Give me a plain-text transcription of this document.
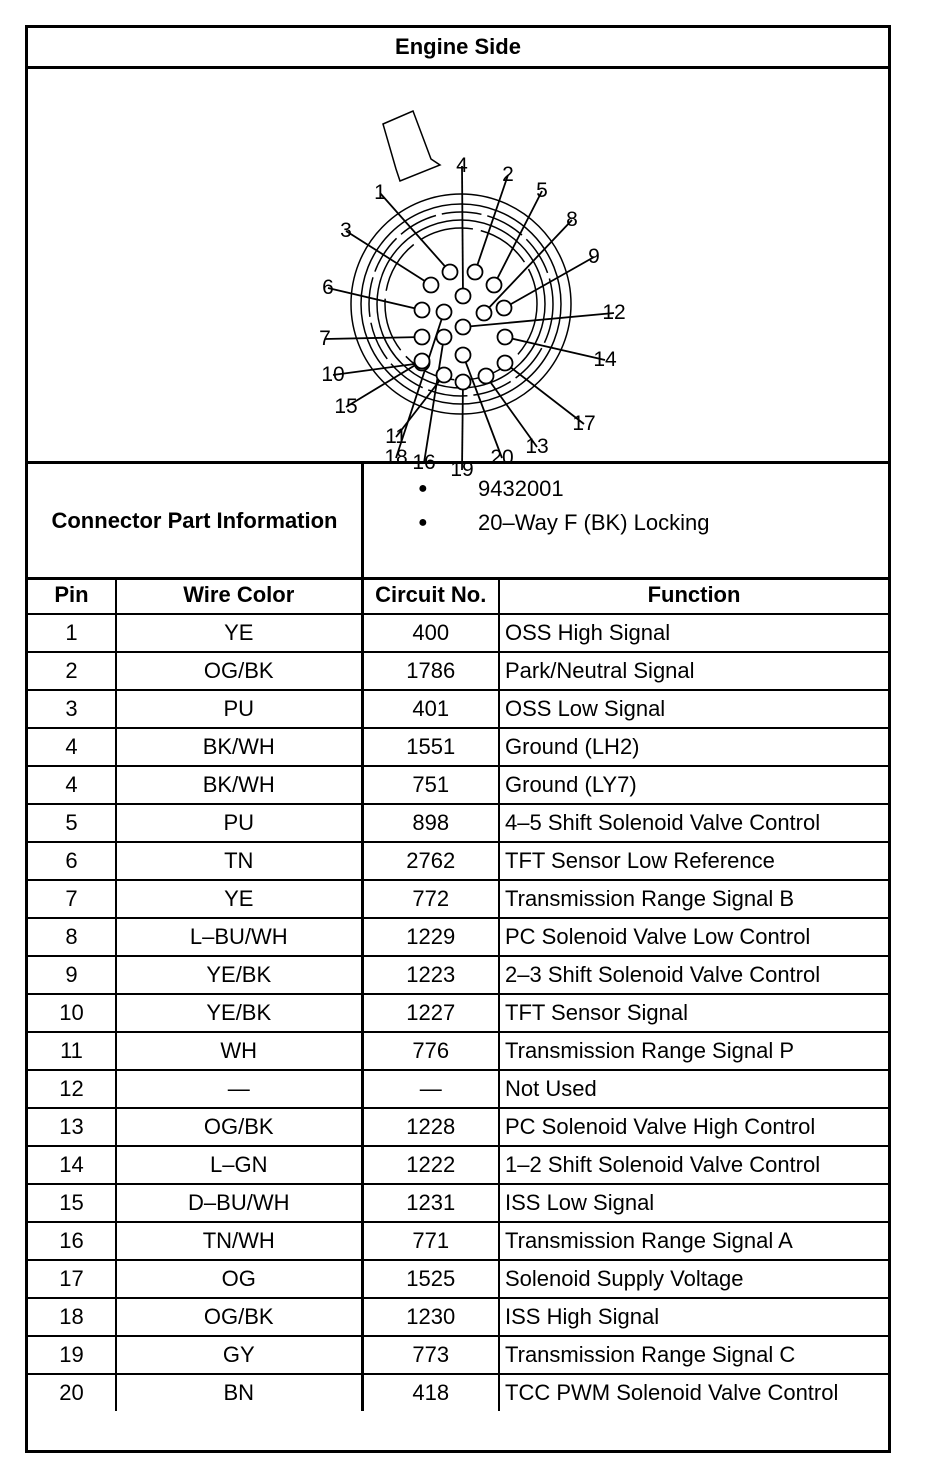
Engine Side
1
2
3
4
5
6
7
8
9
10
11
12
13
14
15
16
17
18
19
20
Connector Part Information
●	9432001
●	20–Way F (BK) Locking
Pin	Wire Color	Circuit No.	Function
1	YE	400	OSS High Signal
2	OG/BK	1786	Park/Neutral Signal
3	PU	401	OSS Low Signal
4	BK/WH	1551	Ground (LH2)
4	BK/WH	751	Ground (LY7)
5	PU	898	4–5 Shift Solenoid Valve Control
6	TN	2762	TFT Sensor Low Reference
7	YE	772	Transmission Range Signal B
8	L–BU/WH	1229	PC Solenoid Valve Low Control
9	YE/BK	1223	2–3 Shift Solenoid Valve Control
10	YE/BK	1227	TFT Sensor Signal
11	WH	776	Transmission Range Signal P
12	—	—	Not Used
13	OG/BK	1228	PC Solenoid Valve High Control
14	L–GN	1222	1–2 Shift Solenoid Valve Control
15	D–BU/WH	1231	ISS Low Signal
16	TN/WH	771	Transmission Range Signal A
17	OG	1525	Solenoid Supply Voltage
18	OG/BK	1230	ISS High Signal
19	GY	773	Transmission Range Signal C
20	BN	418	TCC PWM Solenoid Valve Control
